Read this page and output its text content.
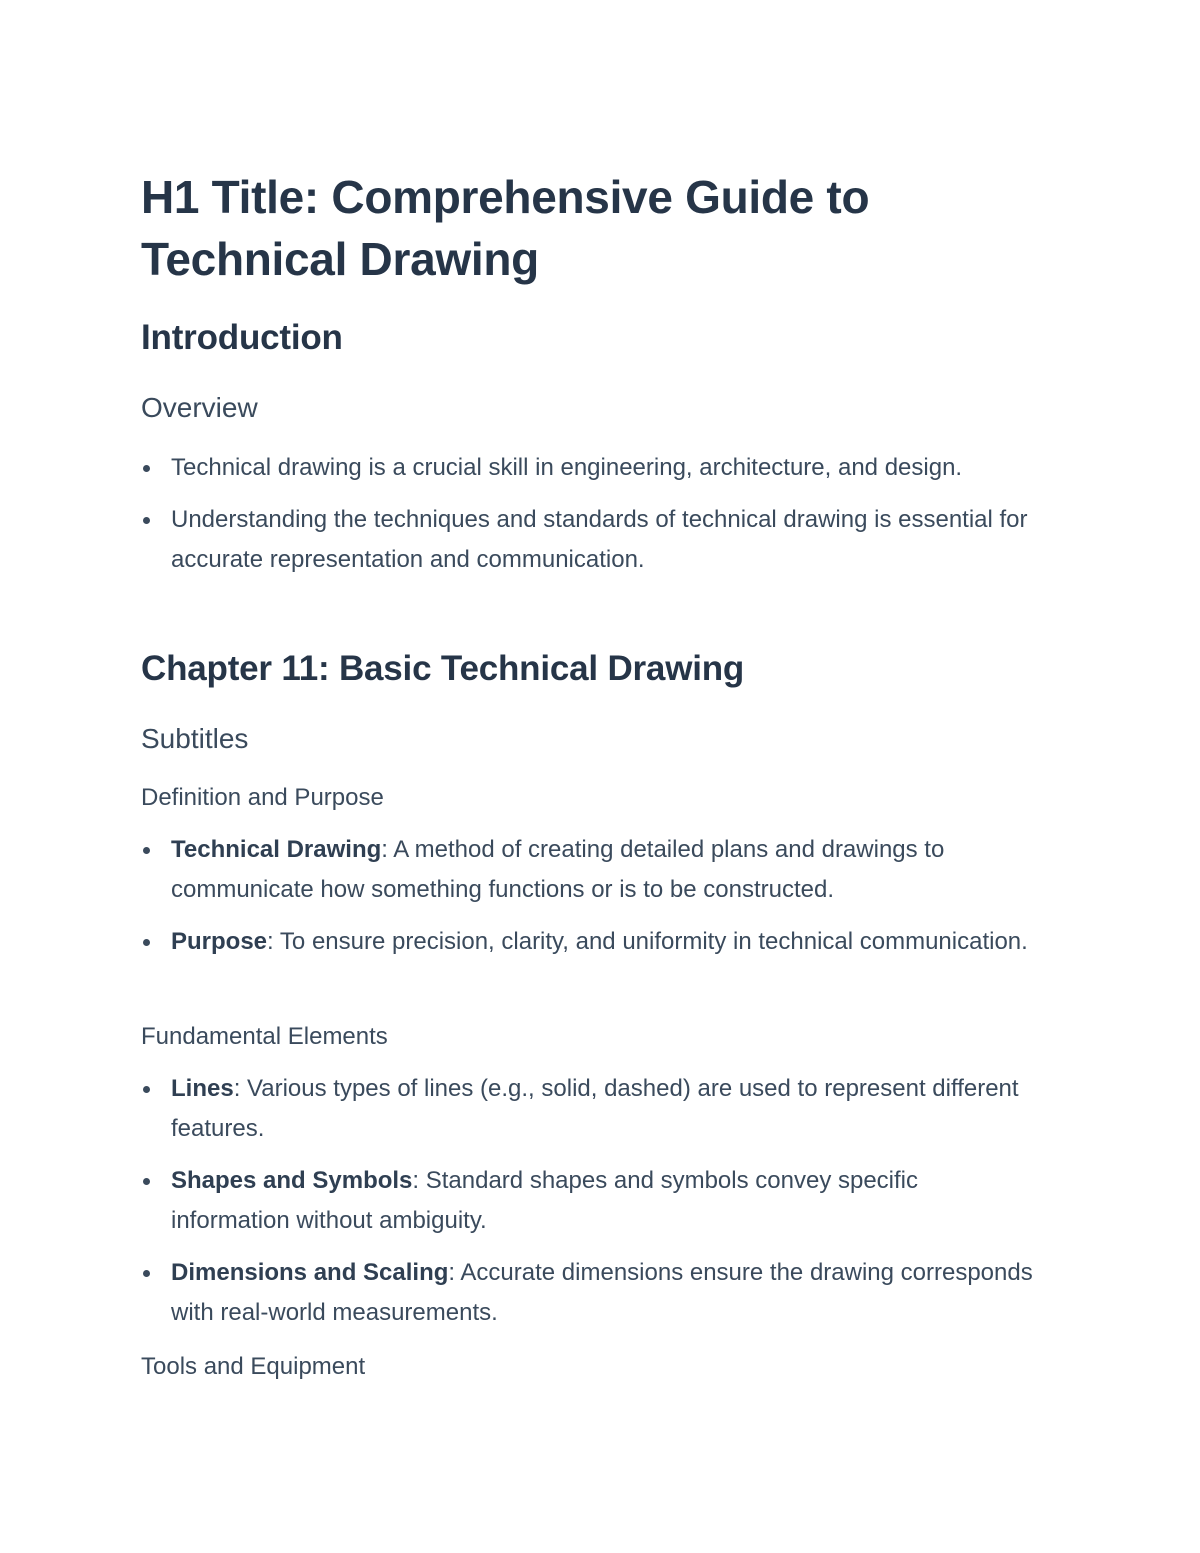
H1 Title: Comprehensive Guide to Technical Drawing
Introduction
Overview
Technical drawing is a crucial skill in engineering, architecture, and design.
Understanding the techniques and standards of technical drawing is essential for accurate representation and communication.
Chapter 11: Basic Technical Drawing
Subtitles
Definition and Purpose
Technical Drawing: A method of creating detailed plans and drawings to communicate how something functions or is to be constructed.
Purpose: To ensure precision, clarity, and uniformity in technical communication.
Fundamental Elements
Lines: Various types of lines (e.g., solid, dashed) are used to represent different features.
Shapes and Symbols: Standard shapes and symbols convey specific information without ambiguity.
Dimensions and Scaling: Accurate dimensions ensure the drawing corresponds with real-world measurements.
Tools and Equipment
